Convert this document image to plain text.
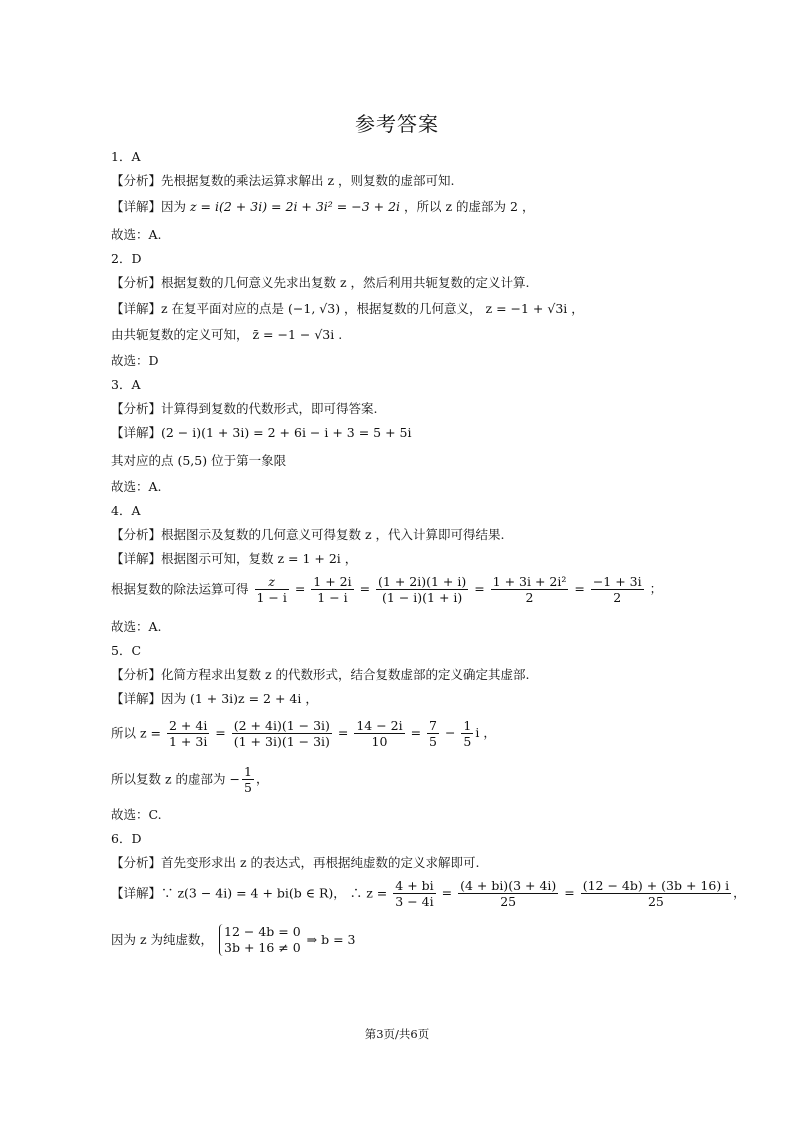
参考答案
1．A
【分析】先根据复数的乘法运算求解出 z ，则复数的虚部可知.
【详解】因为 z = i(2 + 3i) = 2i + 3i² = −3 + 2i ，所以 z 的虚部为 2 ，
故选：A.
2．D
【分析】根据复数的几何意义先求出复数 z ，然后利用共轭复数的定义计算.
【详解】z 在复平面对应的点是 (−1, √3) ，根据复数的几何意义， z = −1 + √3i ，
由共轭复数的定义可知， z̄ = −1 − √3i .
故选：D
3．A
【分析】计算得到复数的代数形式，即可得答案.
【详解】(2 − i)(1 + 3i) = 2 + 6i − i + 3 = 5 + 5i
其对应的点 (5,5) 位于第一象限
故选：A.
4．A
【分析】根据图示及复数的几何意义可得复数 z ，代入计算即可得结果.
【详解】根据图示可知，复数 z = 1 + 2i ，
根据复数的除法运算可得 $\frac{z}{1 - i} = \frac{1 + 2i}{1 - i} = \frac{(1 + 2i)(1 + i)}{(1 - i)(1 + i)} = \frac{\text{1 + 3i + 2i²}}{2} = \frac{-1 + 3i}{2}$ ；
故选：A.
5．C
【分析】化简方程求出复数 z 的代数形式，结合复数虚部的定义确定其虚部.
【详解】因为 (1 + 3i)z = 2 + 4i ，
所以 $z = \frac{2 + 4i}{1 + 3i} = \frac{(2 + 4i)(1 - 3i)}{(1 + 3i)(1 - 3i)} = \frac{14 - 2i}{10} = \frac{7}{5} - \frac{1}{5}$ i ，
所以复数 z 的虚部为 − $\frac{1}{5}$ ，
故选：C.
6．D
【分析】首先变形求出 z 的表达式，再根据纯虚数的定义求解即可.
【详解】∵ z(3 − 4i) = 4 + bi(b ∈ R)， ∴ $z = \frac{4 + bi}{3 - 4i} = \frac{(4 + bi)(3 + 4i)}{25} = \frac{(12 - 4b) + (3b + 16) i}{25}$ ，
因为 z 为纯虚数，
12 − 4b = 0
3b + 16 ≠ 0
⇒ b = 3
第3页/共6页
